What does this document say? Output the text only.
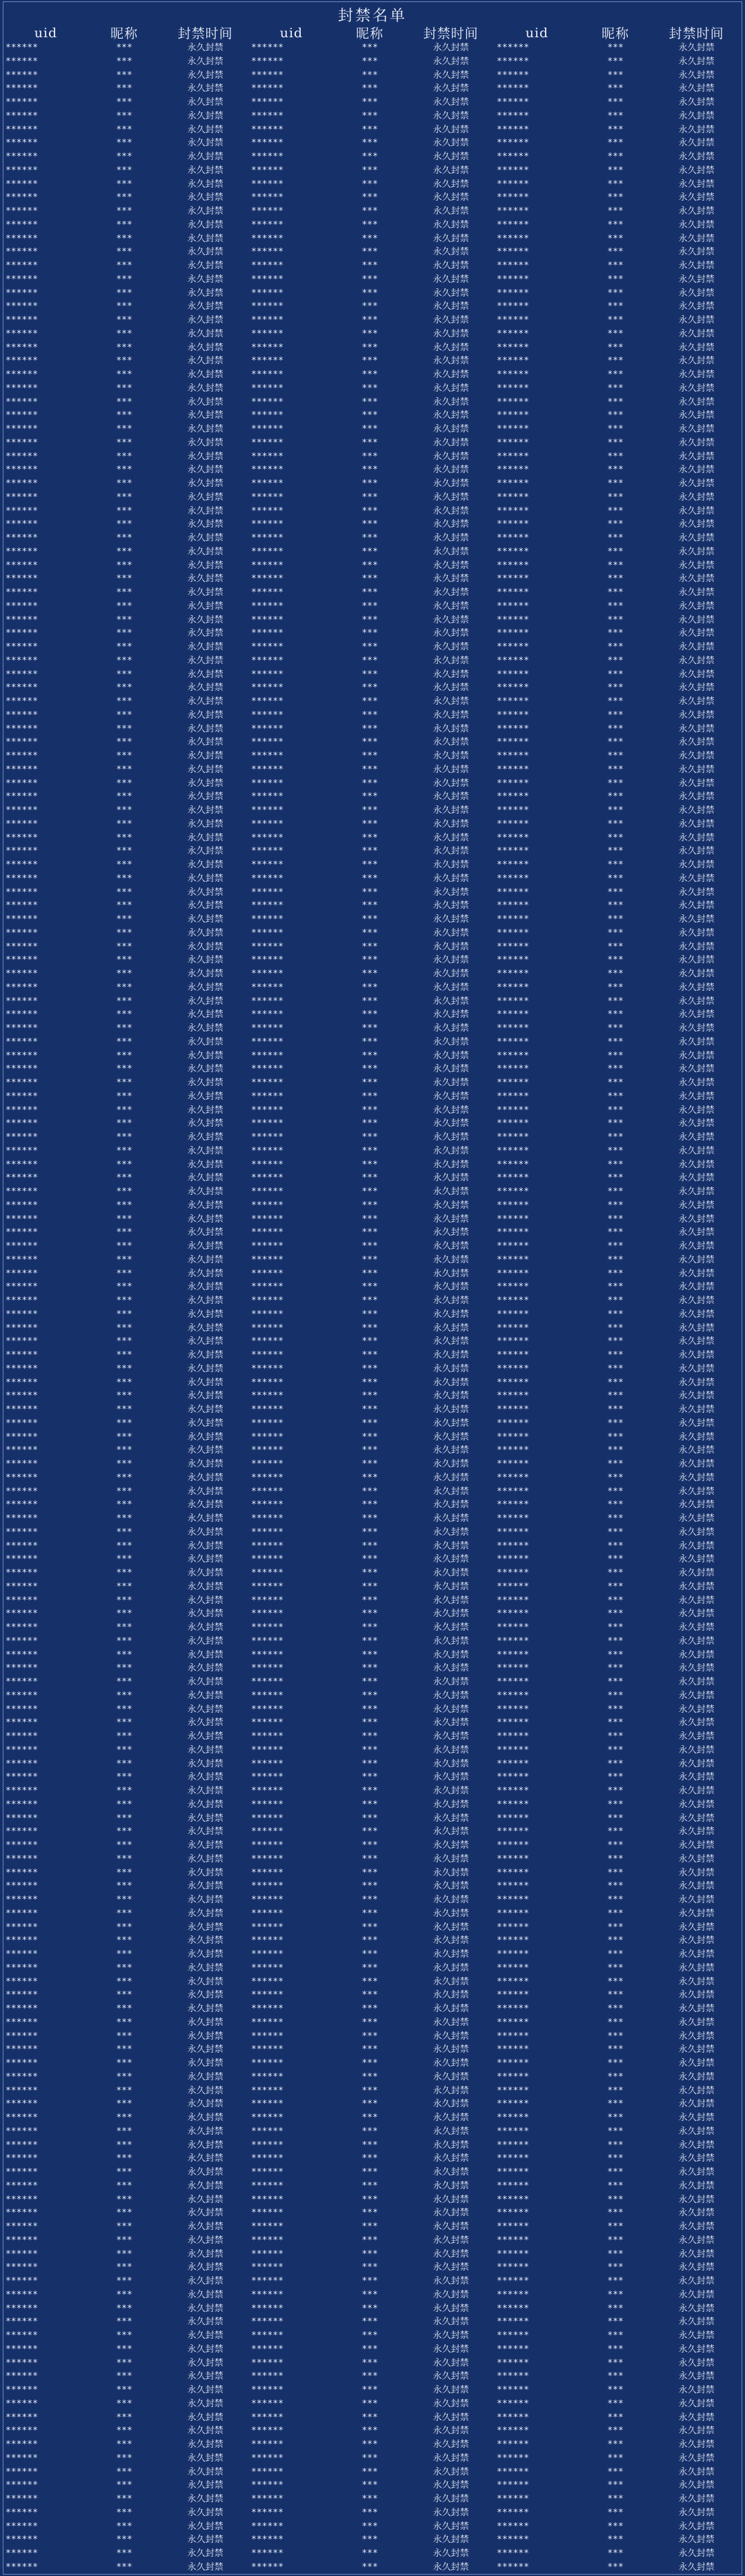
封禁名单
uid	昵称	封禁时间
******	***	永久封禁
******	***	永久封禁
******	***	永久封禁
******	***	永久封禁
******	***	永久封禁
******	***	永久封禁
******	***	永久封禁
******	***	永久封禁
******	***	永久封禁
******	***	永久封禁
******	***	永久封禁
******	***	永久封禁
******	***	永久封禁
******	***	永久封禁
******	***	永久封禁
******	***	永久封禁
******	***	永久封禁
******	***	永久封禁
******	***	永久封禁
******	***	永久封禁
******	***	永久封禁
******	***	永久封禁
******	***	永久封禁
******	***	永久封禁
******	***	永久封禁
******	***	永久封禁
******	***	永久封禁
******	***	永久封禁
******	***	永久封禁
******	***	永久封禁
******	***	永久封禁
******	***	永久封禁
******	***	永久封禁
******	***	永久封禁
******	***	永久封禁
******	***	永久封禁
******	***	永久封禁
******	***	永久封禁
******	***	永久封禁
******	***	永久封禁
******	***	永久封禁
******	***	永久封禁
******	***	永久封禁
******	***	永久封禁
******	***	永久封禁
******	***	永久封禁
******	***	永久封禁
******	***	永久封禁
******	***	永久封禁
******	***	永久封禁
******	***	永久封禁
******	***	永久封禁
******	***	永久封禁
******	***	永久封禁
******	***	永久封禁
******	***	永久封禁
******	***	永久封禁
******	***	永久封禁
******	***	永久封禁
******	***	永久封禁
******	***	永久封禁
******	***	永久封禁
******	***	永久封禁
******	***	永久封禁
******	***	永久封禁
******	***	永久封禁
******	***	永久封禁
******	***	永久封禁
******	***	永久封禁
******	***	永久封禁
******	***	永久封禁
******	***	永久封禁
******	***	永久封禁
******	***	永久封禁
******	***	永久封禁
******	***	永久封禁
******	***	永久封禁
******	***	永久封禁
******	***	永久封禁
******	***	永久封禁
******	***	永久封禁
******	***	永久封禁
******	***	永久封禁
******	***	永久封禁
******	***	永久封禁
******	***	永久封禁
******	***	永久封禁
******	***	永久封禁
******	***	永久封禁
******	***	永久封禁
******	***	永久封禁
******	***	永久封禁
******	***	永久封禁
******	***	永久封禁
******	***	永久封禁
******	***	永久封禁
******	***	永久封禁
******	***	永久封禁
******	***	永久封禁
******	***	永久封禁
******	***	永久封禁
******	***	永久封禁
******	***	永久封禁
******	***	永久封禁
******	***	永久封禁
******	***	永久封禁
******	***	永久封禁
******	***	永久封禁
******	***	永久封禁
******	***	永久封禁
******	***	永久封禁
******	***	永久封禁
******	***	永久封禁
******	***	永久封禁
******	***	永久封禁
******	***	永久封禁
******	***	永久封禁
******	***	永久封禁
******	***	永久封禁
******	***	永久封禁
******	***	永久封禁
******	***	永久封禁
******	***	永久封禁
******	***	永久封禁
******	***	永久封禁
******	***	永久封禁
******	***	永久封禁
******	***	永久封禁
******	***	永久封禁
******	***	永久封禁
******	***	永久封禁
******	***	永久封禁
******	***	永久封禁
******	***	永久封禁
******	***	永久封禁
******	***	永久封禁
******	***	永久封禁
******	***	永久封禁
******	***	永久封禁
******	***	永久封禁
******	***	永久封禁
******	***	永久封禁
******	***	永久封禁
******	***	永久封禁
******	***	永久封禁
******	***	永久封禁
******	***	永久封禁
******	***	永久封禁
******	***	永久封禁
******	***	永久封禁
******	***	永久封禁
******	***	永久封禁
******	***	永久封禁
******	***	永久封禁
******	***	永久封禁
******	***	永久封禁
******	***	永久封禁
******	***	永久封禁
******	***	永久封禁
******	***	永久封禁
******	***	永久封禁
******	***	永久封禁
******	***	永久封禁
******	***	永久封禁
******	***	永久封禁
******	***	永久封禁
******	***	永久封禁
******	***	永久封禁
******	***	永久封禁
******	***	永久封禁
******	***	永久封禁
******	***	永久封禁
******	***	永久封禁
******	***	永久封禁
******	***	永久封禁
******	***	永久封禁
******	***	永久封禁
******	***	永久封禁
******	***	永久封禁
******	***	永久封禁
******	***	永久封禁
******	***	永久封禁
******	***	永久封禁
******	***	永久封禁
******	***	永久封禁
******	***	永久封禁
uid	昵称	封禁时间
******	***	永久封禁
******	***	永久封禁
******	***	永久封禁
******	***	永久封禁
******	***	永久封禁
******	***	永久封禁
******	***	永久封禁
******	***	永久封禁
******	***	永久封禁
******	***	永久封禁
******	***	永久封禁
******	***	永久封禁
******	***	永久封禁
******	***	永久封禁
******	***	永久封禁
******	***	永久封禁
******	***	永久封禁
******	***	永久封禁
******	***	永久封禁
******	***	永久封禁
******	***	永久封禁
******	***	永久封禁
******	***	永久封禁
******	***	永久封禁
******	***	永久封禁
******	***	永久封禁
******	***	永久封禁
******	***	永久封禁
******	***	永久封禁
******	***	永久封禁
******	***	永久封禁
******	***	永久封禁
******	***	永久封禁
******	***	永久封禁
******	***	永久封禁
******	***	永久封禁
******	***	永久封禁
******	***	永久封禁
******	***	永久封禁
******	***	永久封禁
******	***	永久封禁
******	***	永久封禁
******	***	永久封禁
******	***	永久封禁
******	***	永久封禁
******	***	永久封禁
******	***	永久封禁
******	***	永久封禁
******	***	永久封禁
******	***	永久封禁
******	***	永久封禁
******	***	永久封禁
******	***	永久封禁
******	***	永久封禁
******	***	永久封禁
******	***	永久封禁
******	***	永久封禁
******	***	永久封禁
******	***	永久封禁
******	***	永久封禁
******	***	永久封禁
******	***	永久封禁
******	***	永久封禁
******	***	永久封禁
******	***	永久封禁
******	***	永久封禁
******	***	永久封禁
******	***	永久封禁
******	***	永久封禁
******	***	永久封禁
******	***	永久封禁
******	***	永久封禁
******	***	永久封禁
******	***	永久封禁
******	***	永久封禁
******	***	永久封禁
******	***	永久封禁
******	***	永久封禁
******	***	永久封禁
******	***	永久封禁
******	***	永久封禁
******	***	永久封禁
******	***	永久封禁
******	***	永久封禁
******	***	永久封禁
******	***	永久封禁
******	***	永久封禁
******	***	永久封禁
******	***	永久封禁
******	***	永久封禁
******	***	永久封禁
******	***	永久封禁
******	***	永久封禁
******	***	永久封禁
******	***	永久封禁
******	***	永久封禁
******	***	永久封禁
******	***	永久封禁
******	***	永久封禁
******	***	永久封禁
******	***	永久封禁
******	***	永久封禁
******	***	永久封禁
******	***	永久封禁
******	***	永久封禁
******	***	永久封禁
******	***	永久封禁
******	***	永久封禁
******	***	永久封禁
******	***	永久封禁
******	***	永久封禁
******	***	永久封禁
******	***	永久封禁
******	***	永久封禁
******	***	永久封禁
******	***	永久封禁
******	***	永久封禁
******	***	永久封禁
******	***	永久封禁
******	***	永久封禁
******	***	永久封禁
******	***	永久封禁
******	***	永久封禁
******	***	永久封禁
******	***	永久封禁
******	***	永久封禁
******	***	永久封禁
******	***	永久封禁
******	***	永久封禁
******	***	永久封禁
******	***	永久封禁
******	***	永久封禁
******	***	永久封禁
******	***	永久封禁
******	***	永久封禁
******	***	永久封禁
******	***	永久封禁
******	***	永久封禁
******	***	永久封禁
******	***	永久封禁
******	***	永久封禁
******	***	永久封禁
******	***	永久封禁
******	***	永久封禁
******	***	永久封禁
******	***	永久封禁
******	***	永久封禁
******	***	永久封禁
******	***	永久封禁
******	***	永久封禁
******	***	永久封禁
******	***	永久封禁
******	***	永久封禁
******	***	永久封禁
******	***	永久封禁
******	***	永久封禁
******	***	永久封禁
******	***	永久封禁
******	***	永久封禁
******	***	永久封禁
******	***	永久封禁
******	***	永久封禁
******	***	永久封禁
******	***	永久封禁
******	***	永久封禁
******	***	永久封禁
******	***	永久封禁
******	***	永久封禁
******	***	永久封禁
******	***	永久封禁
******	***	永久封禁
******	***	永久封禁
******	***	永久封禁
******	***	永久封禁
******	***	永久封禁
******	***	永久封禁
******	***	永久封禁
******	***	永久封禁
******	***	永久封禁
******	***	永久封禁
******	***	永久封禁
******	***	永久封禁
******	***	永久封禁
******	***	永久封禁
******	***	永久封禁
******	***	永久封禁
uid	昵称	封禁时间
******	***	永久封禁
******	***	永久封禁
******	***	永久封禁
******	***	永久封禁
******	***	永久封禁
******	***	永久封禁
******	***	永久封禁
******	***	永久封禁
******	***	永久封禁
******	***	永久封禁
******	***	永久封禁
******	***	永久封禁
******	***	永久封禁
******	***	永久封禁
******	***	永久封禁
******	***	永久封禁
******	***	永久封禁
******	***	永久封禁
******	***	永久封禁
******	***	永久封禁
******	***	永久封禁
******	***	永久封禁
******	***	永久封禁
******	***	永久封禁
******	***	永久封禁
******	***	永久封禁
******	***	永久封禁
******	***	永久封禁
******	***	永久封禁
******	***	永久封禁
******	***	永久封禁
******	***	永久封禁
******	***	永久封禁
******	***	永久封禁
******	***	永久封禁
******	***	永久封禁
******	***	永久封禁
******	***	永久封禁
******	***	永久封禁
******	***	永久封禁
******	***	永久封禁
******	***	永久封禁
******	***	永久封禁
******	***	永久封禁
******	***	永久封禁
******	***	永久封禁
******	***	永久封禁
******	***	永久封禁
******	***	永久封禁
******	***	永久封禁
******	***	永久封禁
******	***	永久封禁
******	***	永久封禁
******	***	永久封禁
******	***	永久封禁
******	***	永久封禁
******	***	永久封禁
******	***	永久封禁
******	***	永久封禁
******	***	永久封禁
******	***	永久封禁
******	***	永久封禁
******	***	永久封禁
******	***	永久封禁
******	***	永久封禁
******	***	永久封禁
******	***	永久封禁
******	***	永久封禁
******	***	永久封禁
******	***	永久封禁
******	***	永久封禁
******	***	永久封禁
******	***	永久封禁
******	***	永久封禁
******	***	永久封禁
******	***	永久封禁
******	***	永久封禁
******	***	永久封禁
******	***	永久封禁
******	***	永久封禁
******	***	永久封禁
******	***	永久封禁
******	***	永久封禁
******	***	永久封禁
******	***	永久封禁
******	***	永久封禁
******	***	永久封禁
******	***	永久封禁
******	***	永久封禁
******	***	永久封禁
******	***	永久封禁
******	***	永久封禁
******	***	永久封禁
******	***	永久封禁
******	***	永久封禁
******	***	永久封禁
******	***	永久封禁
******	***	永久封禁
******	***	永久封禁
******	***	永久封禁
******	***	永久封禁
******	***	永久封禁
******	***	永久封禁
******	***	永久封禁
******	***	永久封禁
******	***	永久封禁
******	***	永久封禁
******	***	永久封禁
******	***	永久封禁
******	***	永久封禁
******	***	永久封禁
******	***	永久封禁
******	***	永久封禁
******	***	永久封禁
******	***	永久封禁
******	***	永久封禁
******	***	永久封禁
******	***	永久封禁
******	***	永久封禁
******	***	永久封禁
******	***	永久封禁
******	***	永久封禁
******	***	永久封禁
******	***	永久封禁
******	***	永久封禁
******	***	永久封禁
******	***	永久封禁
******	***	永久封禁
******	***	永久封禁
******	***	永久封禁
******	***	永久封禁
******	***	永久封禁
******	***	永久封禁
******	***	永久封禁
******	***	永久封禁
******	***	永久封禁
******	***	永久封禁
******	***	永久封禁
******	***	永久封禁
******	***	永久封禁
******	***	永久封禁
******	***	永久封禁
******	***	永久封禁
******	***	永久封禁
******	***	永久封禁
******	***	永久封禁
******	***	永久封禁
******	***	永久封禁
******	***	永久封禁
******	***	永久封禁
******	***	永久封禁
******	***	永久封禁
******	***	永久封禁
******	***	永久封禁
******	***	永久封禁
******	***	永久封禁
******	***	永久封禁
******	***	永久封禁
******	***	永久封禁
******	***	永久封禁
******	***	永久封禁
******	***	永久封禁
******	***	永久封禁
******	***	永久封禁
******	***	永久封禁
******	***	永久封禁
******	***	永久封禁
******	***	永久封禁
******	***	永久封禁
******	***	永久封禁
******	***	永久封禁
******	***	永久封禁
******	***	永久封禁
******	***	永久封禁
******	***	永久封禁
******	***	永久封禁
******	***	永久封禁
******	***	永久封禁
******	***	永久封禁
******	***	永久封禁
******	***	永久封禁
******	***	永久封禁
******	***	永久封禁
******	***	永久封禁
******	***	永久封禁
******	***	永久封禁
